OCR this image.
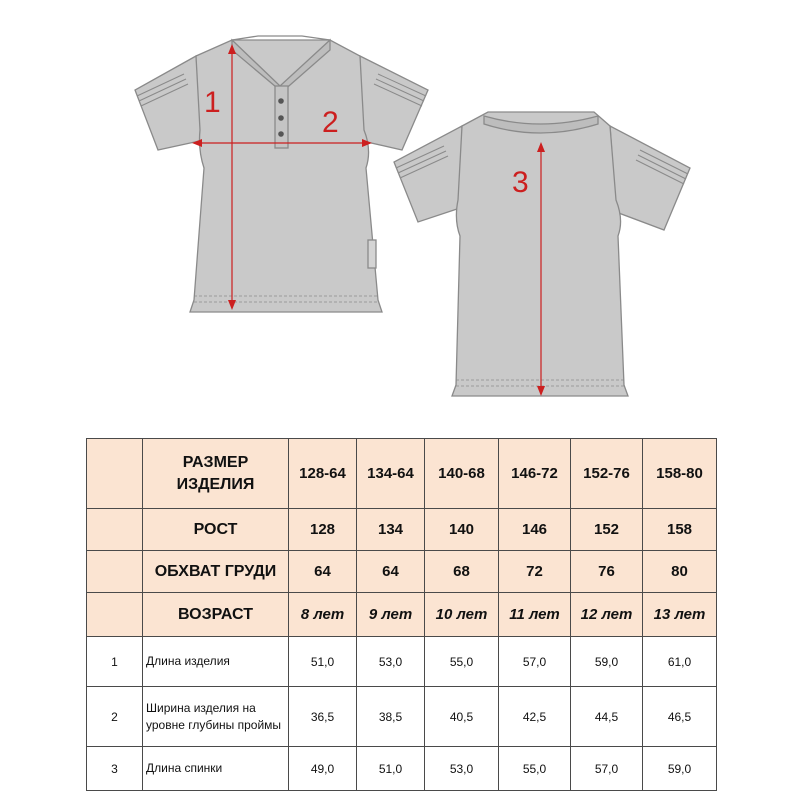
1
2
3
	РАЗМЕР ИЗДЕЛИЯ	128-64	134-64	140-68	146-72	152-76	158-80
	РОСТ	128	134	140	146	152	158
	ОБХВАТ ГРУДИ	64	64	68	72	76	80
	ВОЗРАСТ	8 лет	9 лет	10 лет	11 лет	12 лет	13 лет
1	Длина изделия	51,0	53,0	55,0	57,0	59,0	61,0
2	Ширина изделия на уровне глубины проймы	36,5	38,5	40,5	42,5	44,5	46,5
3	Длина спинки	49,0	51,0	53,0	55,0	57,0	59,0
